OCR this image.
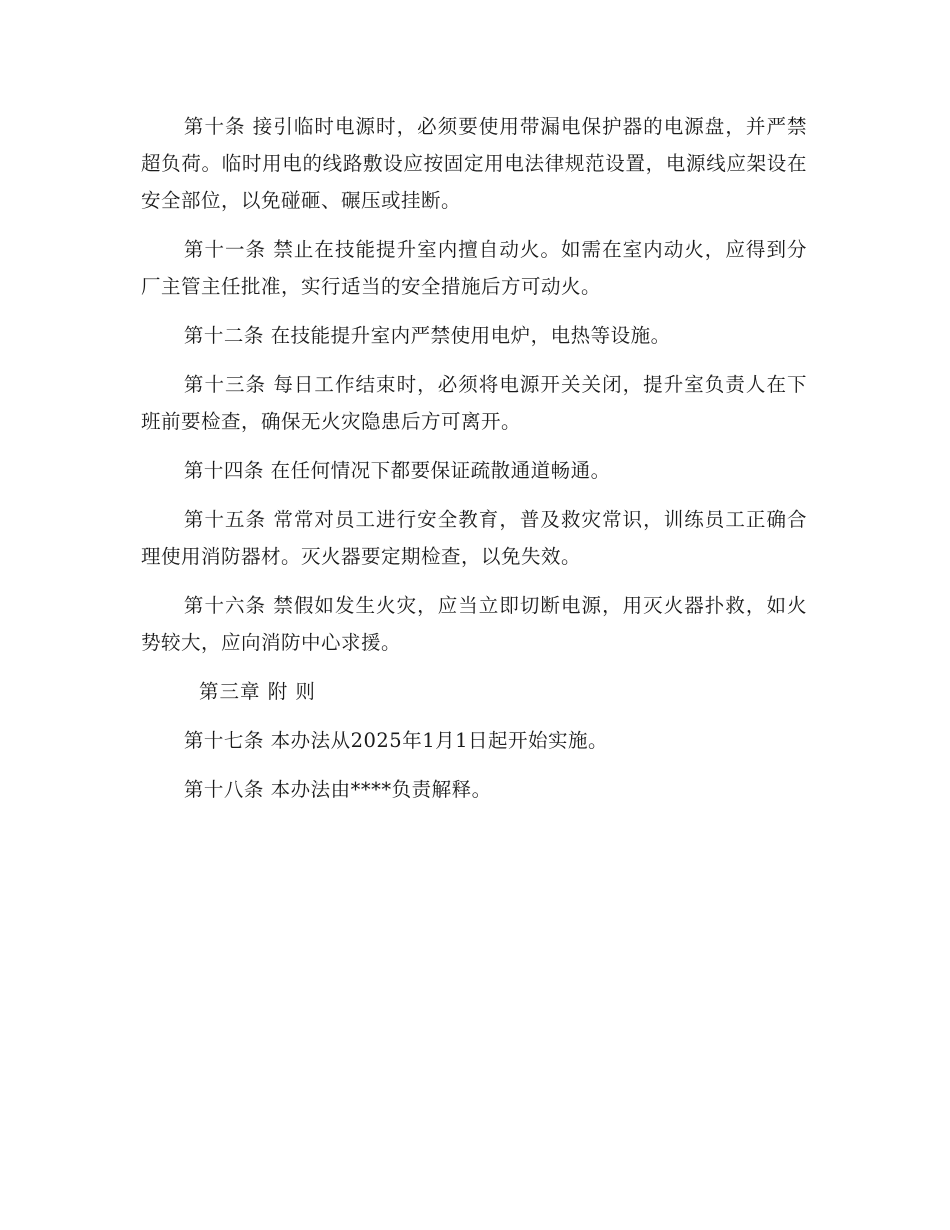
第十条 接引临时电源时，必须要使用带漏电保护器的电源盘，并严禁超负荷。临时用电的线路敷设应按固定用电法律规范设置，电源线应架设在安全部位，以免碰砸、碾压或挂断。

第十一条 禁止在技能提升室内擅自动火。如需在室内动火，应得到分厂主管主任批准，实行适当的安全措施后方可动火。

第十二条 在技能提升室内严禁使用电炉，电热等设施。

第十三条 每日工作结束时，必须将电源开关关闭，提升室负责人在下班前要检查，确保无火灾隐患后方可离开。

第十四条 在任何情况下都要保证疏散通道畅通。

第十五条 常常对员工进行安全教育，普及救灾常识，训练员工正确合理使用消防器材。灭火器要定期检查，以免失效。

第十六条 禁假如发生火灾，应当立即切断电源，用灭火器扑救，如火势较大，应向消防中心求援。

第三章 附 则

第十七条 本办法从2025年1月1日起开始实施。

第十八条 本办法由****负责解释。
